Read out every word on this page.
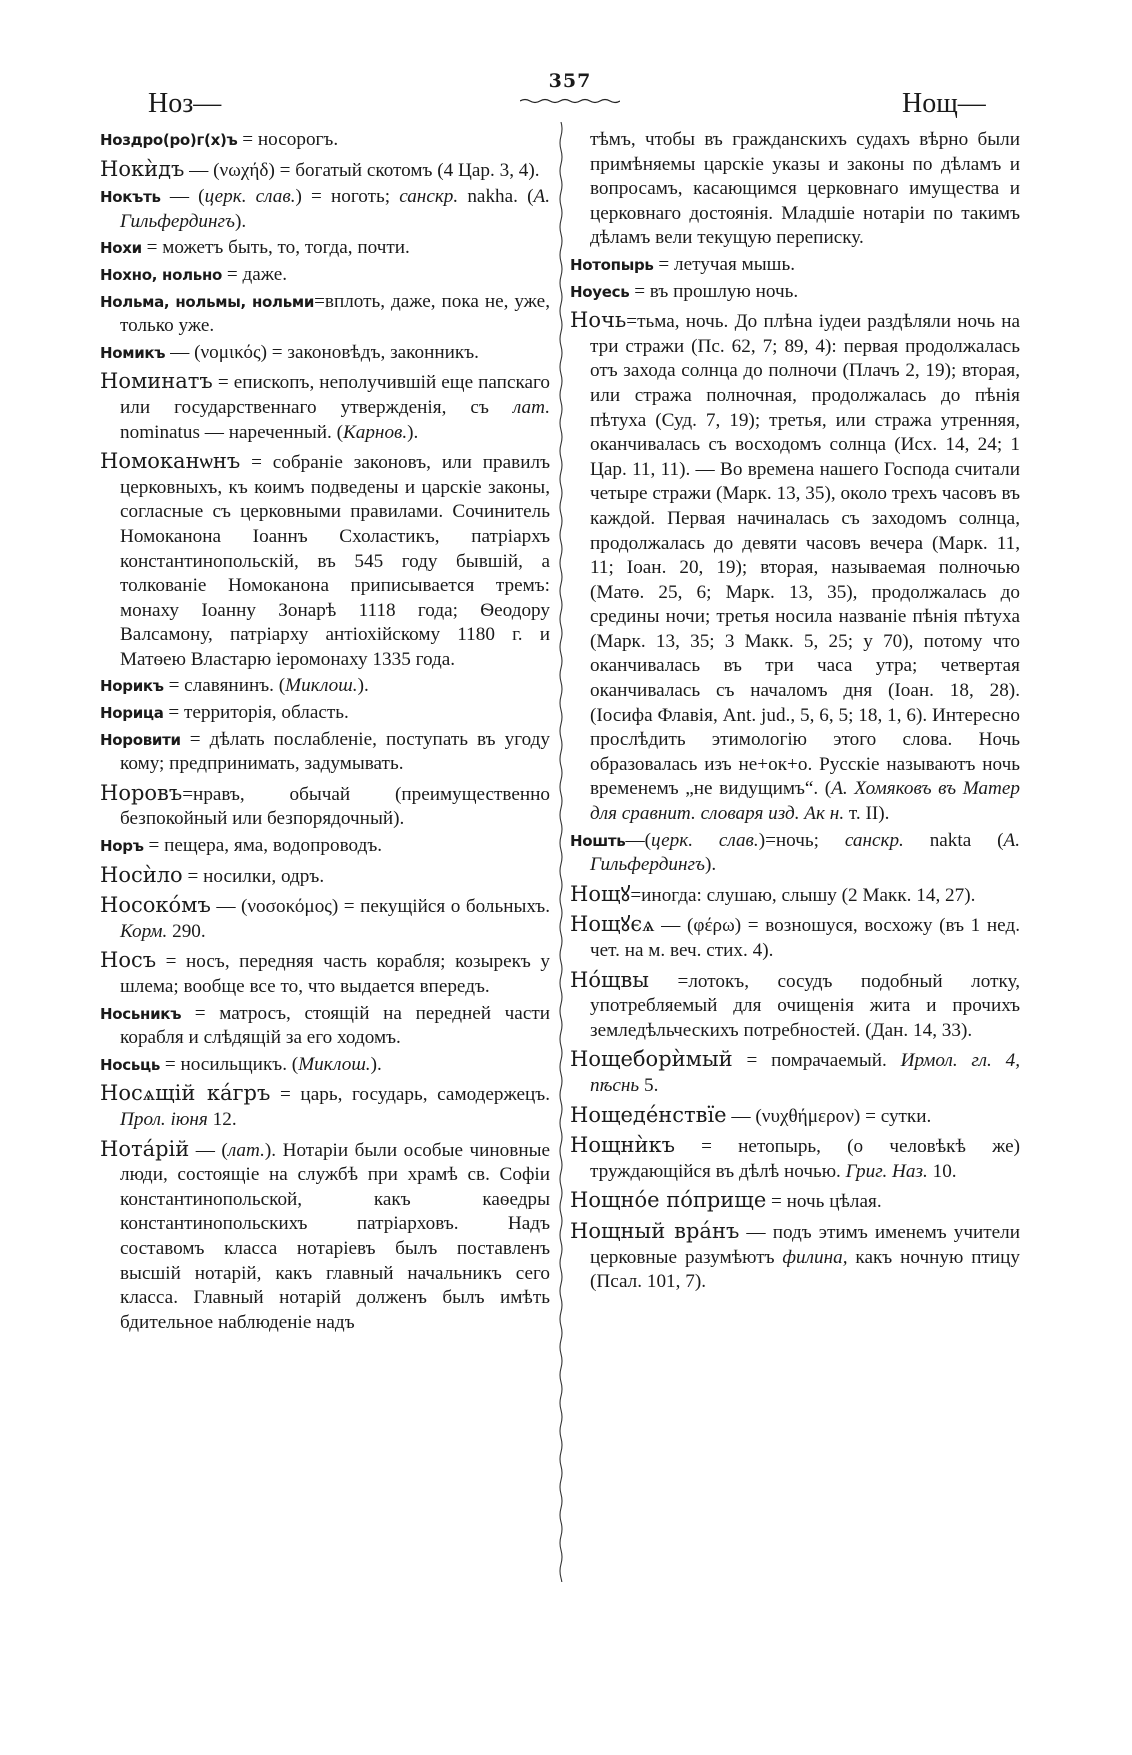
Ноз—
357
Нощ—

Ноздро(ро)г(х)ъ = носорогъ.

Нокѝдъ — (νωχήδ) = богатый скотомъ (4 Цар. 3, 4).

Нокъть — (церк. слав.) = ноготь; санскр. nakha. (А. Гильфердингъ).

Нохи = можетъ быть, то, тогда, почти.

Нохно, нольно = даже.

Нольма, нольмы, нольми=вплоть, даже, пока не, уже, только уже.

Номикъ — (νομικός) = законовѣдъ, законникъ.

Номинатъ = епископъ, неполучившій еще папскаго или государственнаго утвержденія, съ лат. nominatus — нареченный. (Карнов.).

Номоканѡнъ = собраніе законовъ, или правилъ церковныхъ, къ коимъ подведены и царскіе законы, согласные съ церковными правилами. Сочинитель Номоканона Іоаннъ Схоластикъ, патріархъ константинопольскій, въ 545 году бывшій, а толкованіе Номоканона приписывается тремъ: монаху Іоанну Зонарѣ 1118 года; Ѳеодору Валсамону, патріарху антіохійскому 1180 г. и Матѳею Властарю іеромонаху 1335 года.

Норикъ = славянинъ. (Миклош.).

Норица = территорія, область.

Норовити = дѣлать послабленіе, поступать въ угоду кому; предпринимать, задумывать.

Норовъ=нравъ, обычай (преимущественно безпокойный или безпорядочный).

Норъ = пещера, яма, водопроводъ.

Носѝло = носилки, одръ.

Носокóмъ — (νοσοκόμος) = пекущійся о больныхъ. Корм. 290.

Носъ = носъ, передняя часть корабля; козырекъ у шлема; вообще все то, что выдается впередъ.

Носьникъ = матросъ, стоящій на передней части корабля и слѣдящій за его ходомъ.

Носьць = носильщикъ. (Миклош.).

Носѧщій кáгръ = царь, государь, самодержецъ. Прол. іюня 12.

Нотáрій — (лат.). Нотаріи были особые чиновные люди, состоящіе на службѣ при храмѣ св. Софіи константинопольской, какъ каѳедры константинопольскихъ патріарховъ. Надъ составомъ класса нотаріевъ былъ поставленъ высшій нотарій, какъ главный начальникъ сего класса. Главный нотарій долженъ былъ имѣть бдительное наблюденіе надъ

тѣмъ, чтобы въ гражданскихъ судахъ вѣрно были примѣняемы царскіе указы и законы по дѣламъ и вопросамъ, касающимся церковнаго имущества и церковнаго достоянія. Младшіе нотаріи по такимъ дѣламъ вели текущую переписку.

Нотопырь = летучая мышь.

Ноуесь = въ прошлую ночь.

Ночь=тьма, ночь. До плѣна іудеи раздѣляли ночь на три стражи (Пс. 62, 7; 89, 4): первая продолжалась отъ захода солнца до полночи (Плачъ 2, 19); вторая, или стража полночная, продолжалась до пѣнія пѣтуха (Суд. 7, 19); третья, или стража утренняя, оканчивалась съ восходомъ солнца (Исх. 14, 24; 1 Цар. 11, 11). — Во времена нашего Господа считали четыре стражи (Марк. 13, 35), около трехъ часовъ въ каждой. Первая начиналась съ заходомъ солнца, продолжалась до девяти часовъ вечера (Марк. 11, 11; Іоан. 20, 19); вторая, называемая полночью (Матѳ. 25, 6; Марк. 13, 35), продолжалась до средины ночи; третья носила названіе пѣнія пѣтуха (Марк. 13, 35; 3 Макк. 5, 25; у 70), потому что оканчивалась въ три часа утра; четвертая оканчивалась съ началомъ дня (Іоан. 18, 28). (Іосифа Флавія, Ant. jud., 5, 6, 5; 18, 1, 6). Интересно прослѣдить этимологію этого слова. Ночь образовалась изъ не+ок+о. Русскіе называютъ ночь временемъ „не видущимъ“. (А. Хомяковъ въ Матер для сравнит. словаря изд. Ак н. т. II).

Ношть—(церк. слав.)=ночь; санскр. nakta (А. Гильфердингъ).

Нощꙋ=иногда: слушаю, слышу (2 Макк. 14, 27).

Нощꙋєѧ — (φέρω) = возношуся, восхожу (въ 1 нед. чет. на м. веч. стих. 4).

Нóщвы =лотокъ, сосудъ подобный лотку, употребляемый для очищенія жита и прочихъ земледѣльческихъ потребностей. (Дан. 14, 33).

Нощеборѝмый = помрачаемый. Ирмол. гл. 4, пѣснь 5.

Нощеде́нствїе — (νυχθήμερον) = сутки.

Нощнѝкъ = нетопырь, (о человѣкѣ же) труждающійся въ дѣлѣ ночью. Григ. Наз. 10.

Нощнóе пóприще = ночь цѣлая.

Нощный вра́нъ — подъ этимъ именемъ учители церковные разумѣютъ филина, какъ ночную птицу (Псал. 101, 7).
